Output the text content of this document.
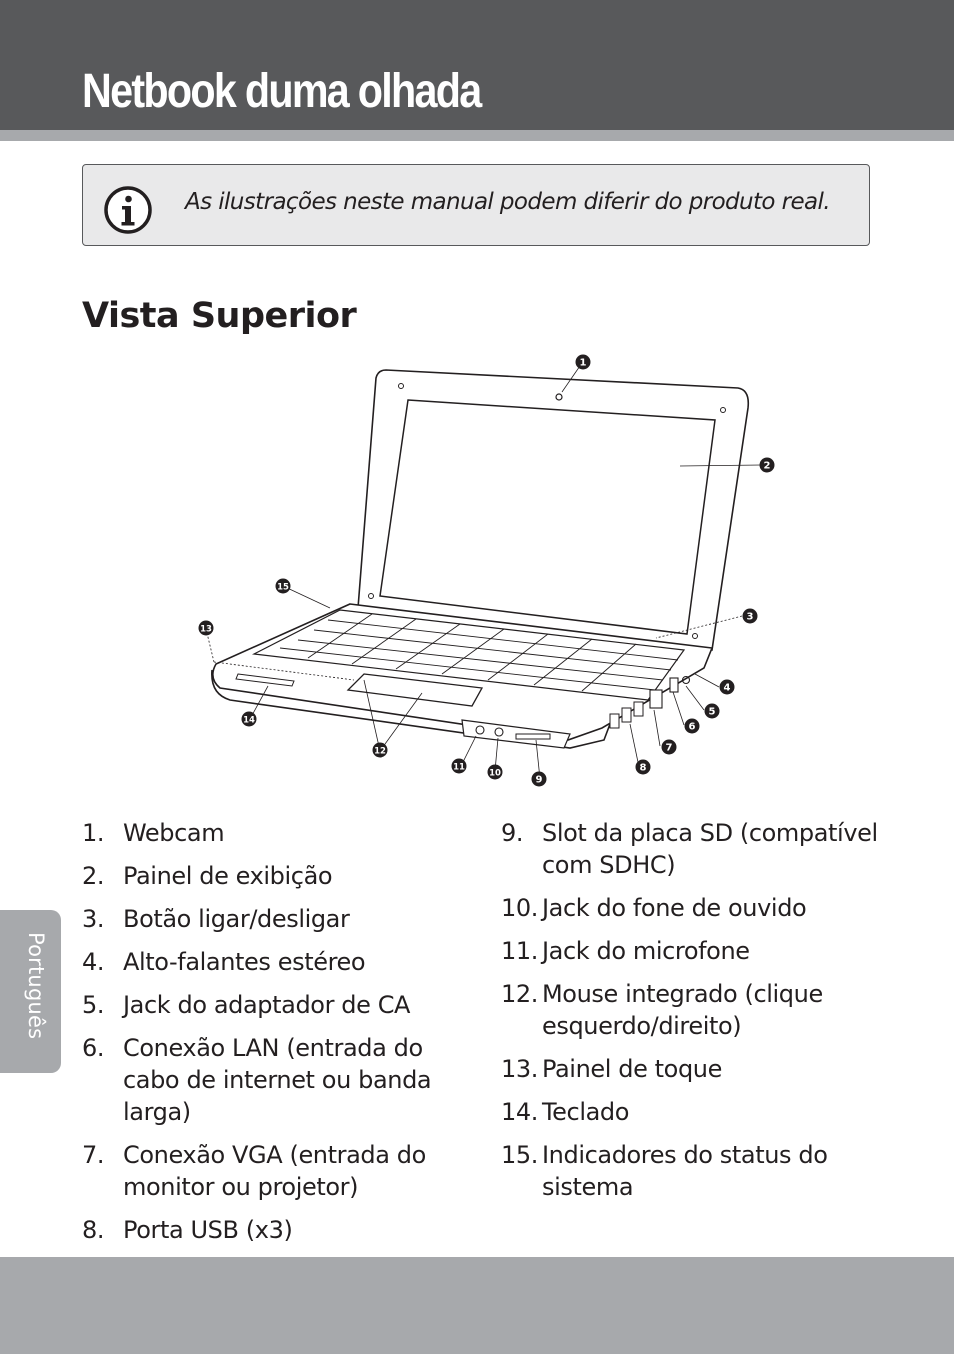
Netbook duma olhada
As ilustrações neste manual podem diferir do produto real.
Vista Superior
1
2
3
4
5
6
7
8
9
10
11
12
13
14
15
1. Webcam
2. Painel de exibição
3. Botão ligar/desligar
4. Alto-falantes estéreo
5. Jack do adaptador de CA
6. Conexão LAN (entrada do cabo de internet ou banda larga)
7. Conexão VGA (entrada do monitor ou projetor)
8. Porta USB (x3)
9. Slot da placa SD (compatível com SDHC)
10. Jack do fone de ouvido
11. Jack do microfone
12. Mouse integrado (clique esquerdo/direito)
13. Painel de toque
14. Teclado
15. Indicadores do status do sistema
Português
